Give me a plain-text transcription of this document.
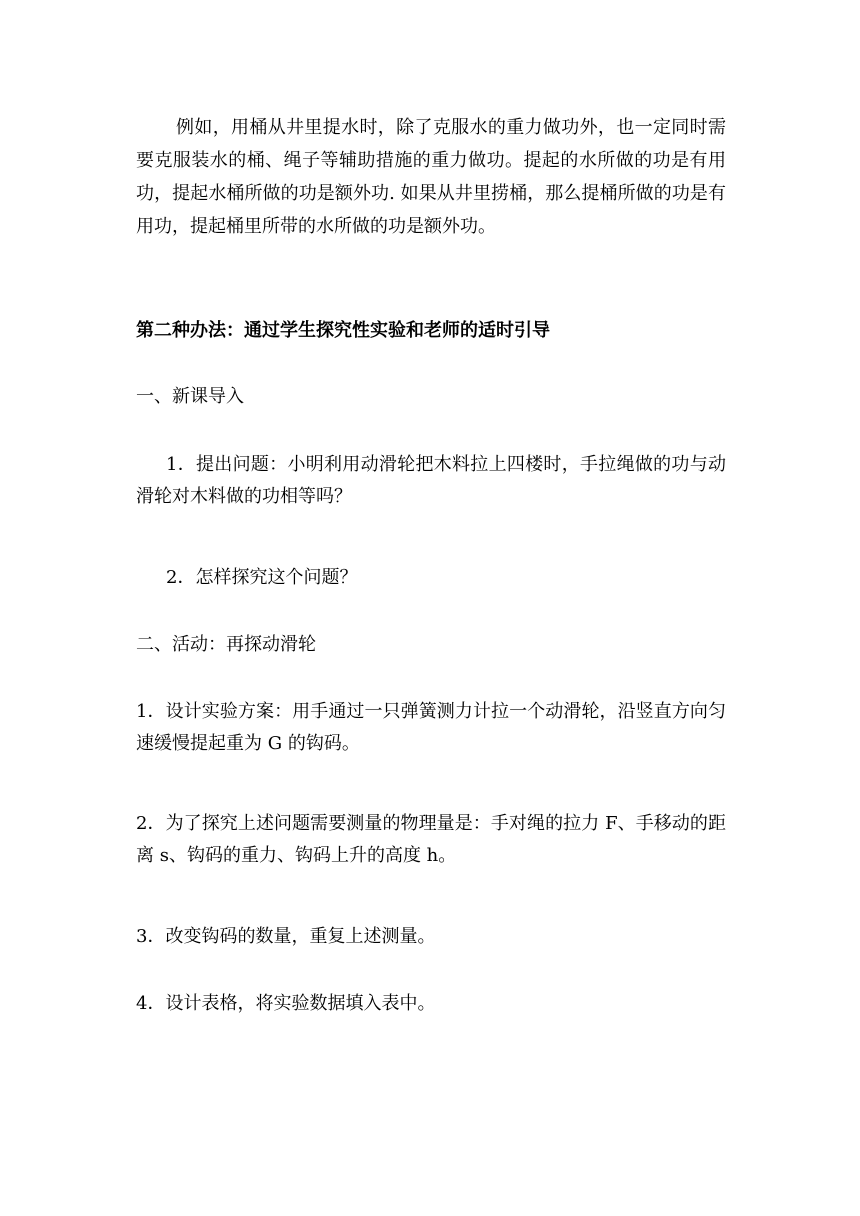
例如，用桶从井里提水时，除了克服水的重力做功外，也一定同时需要克服装水的桶、绳子等辅助措施的重力做功。提起的水所做的功是有用功，提起水桶所做的功是额外功. 如果从井里捞桶，那么提桶所做的功是有用功，提起桶里所带的水所做的功是额外功。

第二种办法：通过学生探究性实验和老师的适时引导

一、新课导入

1．提出问题：小明利用动滑轮把木料拉上四楼时，手拉绳做的功与动滑轮对木料做的功相等吗？

2．怎样探究这个问题？

二、活动：再探动滑轮

1．设计实验方案：用手通过一只弹簧测力计拉一个动滑轮，沿竖直方向匀速缓慢提起重为 G 的钩码。

2．为了探究上述问题需要测量的物理量是：手对绳的拉力 F、手移动的距离 s、钩码的重力、钩码上升的高度 h。

3．改变钩码的数量，重复上述测量。

4．设计表格，将实验数据填入表中。
